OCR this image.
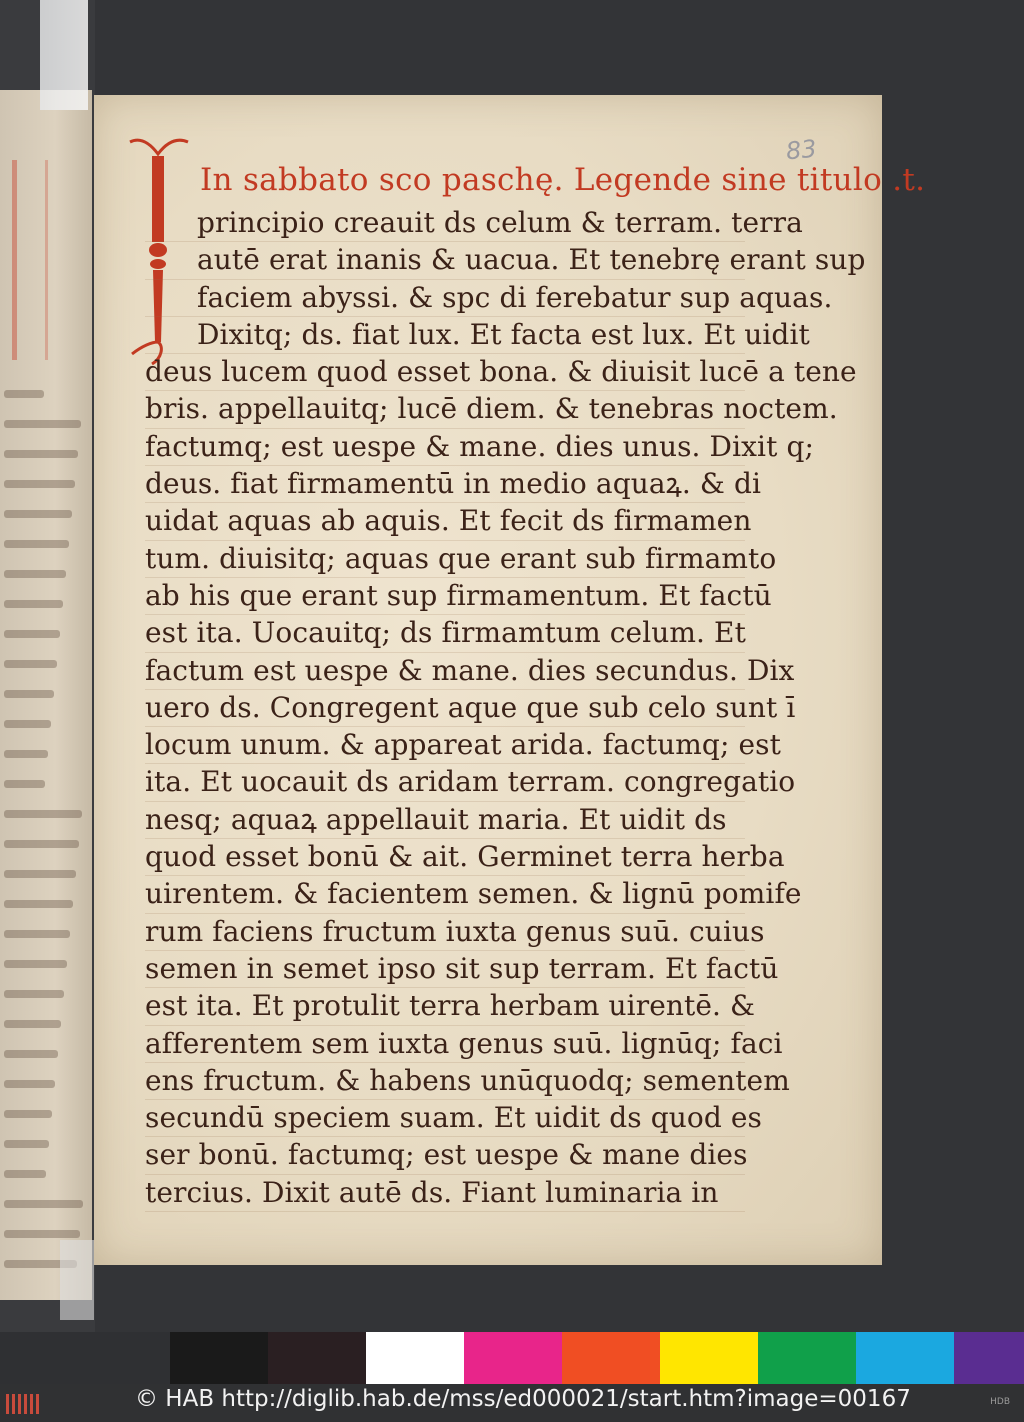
83
In sabbato sco paschę. Legende sine titulo .t.
principio creauit ds celum & terram. terra
autē erat inanis & uacua. Et tenebrę erant sup
faciem abyssi. & spc di ferebatur sup aquas.
Dixitq; ds. fiat lux. Et facta est lux. Et uidit
deus lucem quod esset bona. & diuisit lucē a tene
bris. appellauitq; lucē diem. & tenebras noctem.
factumq; est uespe & mane. dies unus. Dixit q;
deus. fiat firmamentū in medio aquaꝝ. & di
uidat aquas ab aquis. Et fecit ds firmamen
tum. diuisitq; aquas que erant sub firmamto
ab his que erant sup firmamentum. Et factū
est ita. Uocauitq; ds firmamtum celum. Et
factum est uespe & mane. dies secundus. Dix
uero ds. Congregent aque que sub celo sunt ī
locum unum. & appareat arida. factumq; est
ita. Et uocauit ds aridam terram. congregatio
nesq; aquaꝝ appellauit maria. Et uidit ds
quod esset bonū & ait. Germinet terra herba
uirentem. & facientem semen. & lignū pomife
rum faciens fructum iuxta genus suū. cuius
semen in semet ipso sit sup terram. Et factū
est ita. Et protulit terra herbam uirentē. &
afferentem sem iuxta genus suū. lignūq; faci
ens fructum. & habens unūquodq; sementem
secundū speciem suam. Et uidit ds quod es
ser bonū. factumq; est uespe & mane dies
tercius. Dixit autē ds. Fiant luminaria in
© HAB http://diglib.hab.de/mss/ed000021/start.htm?image=00167	HDB
